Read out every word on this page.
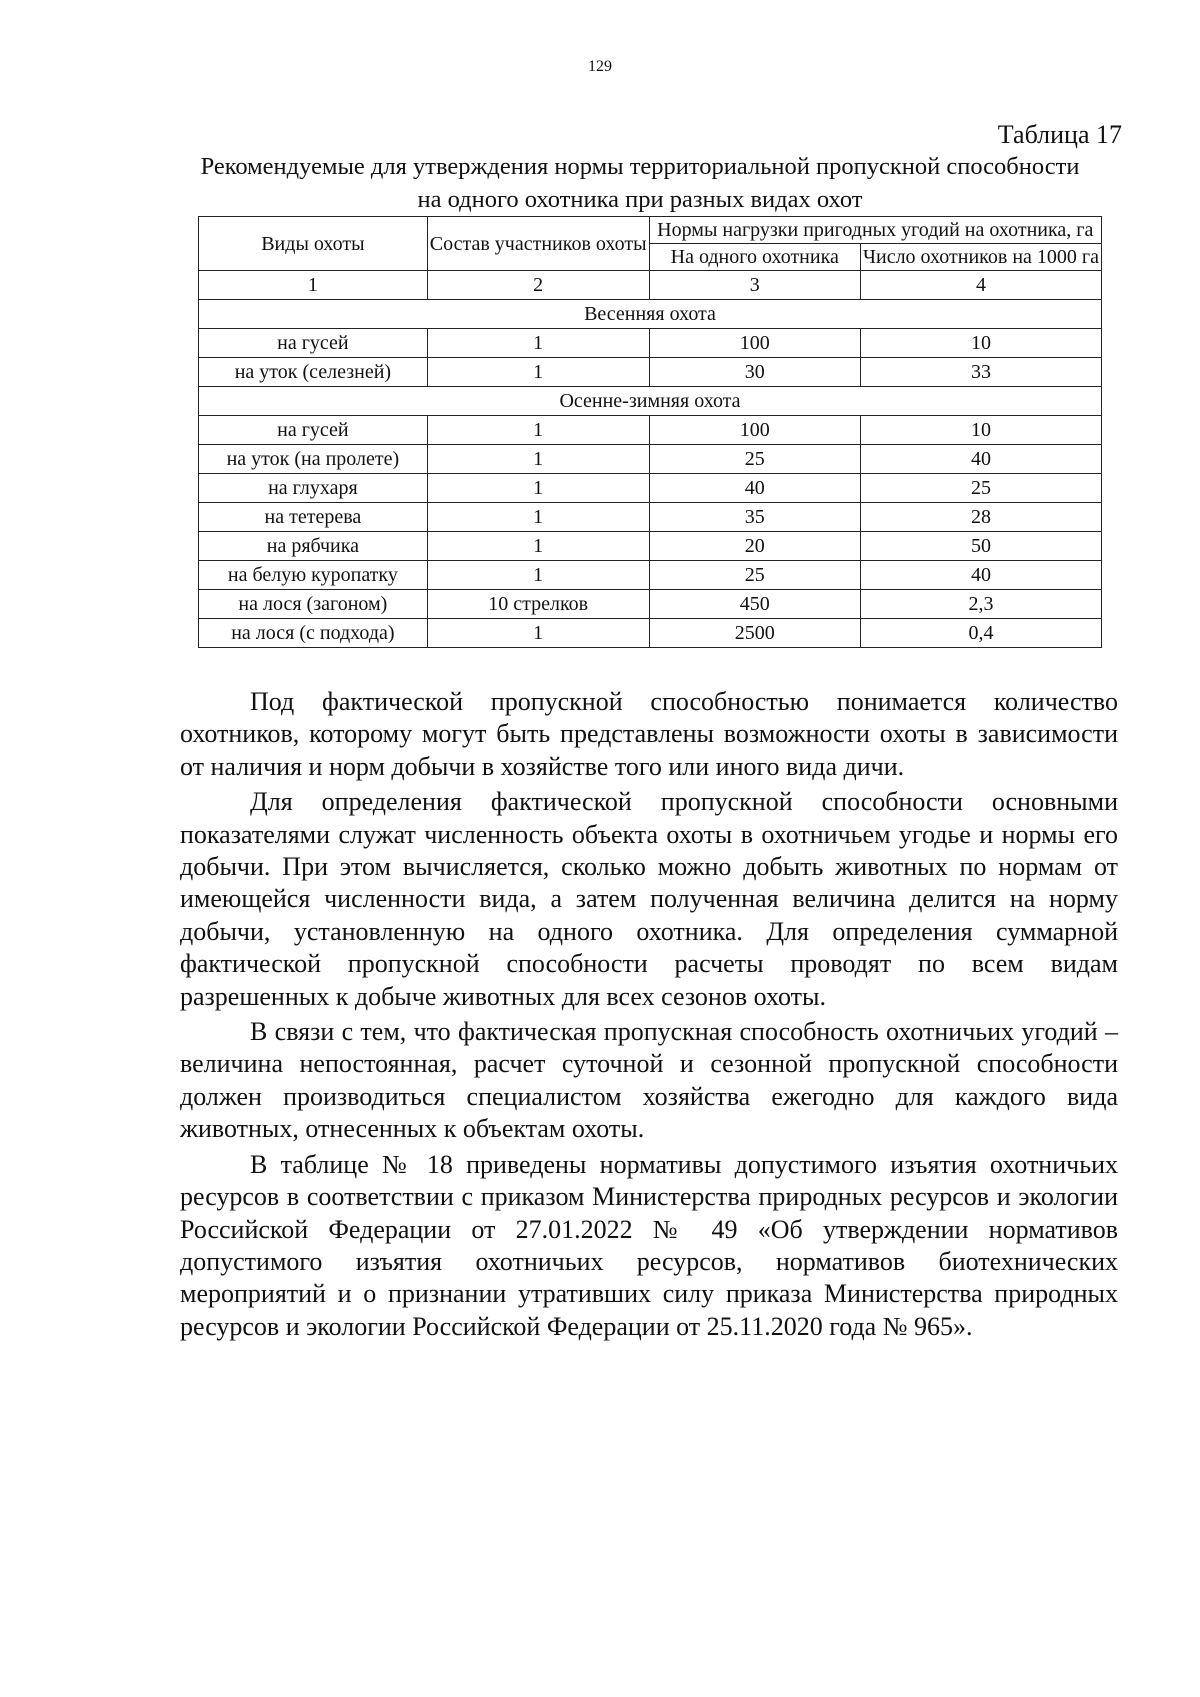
129
Таблица 17
Рекомендуемые для утверждения нормы территориальной пропускной способности на одного охотника при разных видах охот
Виды охоты	Состав участников охоты	Нормы нагрузки пригодных угодий на охотника, га	
		На одного охотника	Число охотников на 1000 га
1	2	3	4
Весенняя охота			
на гусей	1	100	10
на уток (селезней)	1	30	33
Осенне-зимняя охота			
на гусей	1	100	10
на уток (на пролете)	1	25	40
на глухаря	1	40	25
на тетерева	1	35	28
на рябчика	1	20	50
на белую куропатку	1	25	40
на лося (загоном)	10 стрелков	450	2,3
на лося (с подхода)	1	2500	0,4

Под фактической пропускной способностью понимается количество охотников, которому могут быть представлены возможности охоты в зависимости от наличия и норм добычи в хозяйстве того или иного вида дичи.

Для определения фактической пропускной способности основными показателями служат численность объекта охоты в охотничьем угодье и нормы его добычи. При этом вычисляется, сколько можно добыть животных по нормам от имеющейся численности вида, а затем полученная величина делится на норму добычи, установленную на одного охотника. Для определения суммарной фактической пропускной способности расчеты проводят по всем видам разрешенных к добыче животных для всех сезонов охоты.

В связи с тем, что фактическая пропускная способность охотничьих угодий – величина непостоянная, расчет суточной и сезонной пропускной способности должен производиться специалистом хозяйства ежегодно для каждого вида животных, отнесенных к объектам охоты.

В таблице № 18 приведены нормативы допустимого изъятия охотничьих ресурсов в соответствии с приказом Министерства природных ресурсов и экологии Российской Федерации от 27.01.2022 № 49 «Об утверждении нормативов допустимого изъятия охотничьих ресурсов, нормативов биотехнических мероприятий и о признании утративших силу приказа Министерства природных ресурсов и экологии Российской Федерации от 25.11.2020 года № 965».
